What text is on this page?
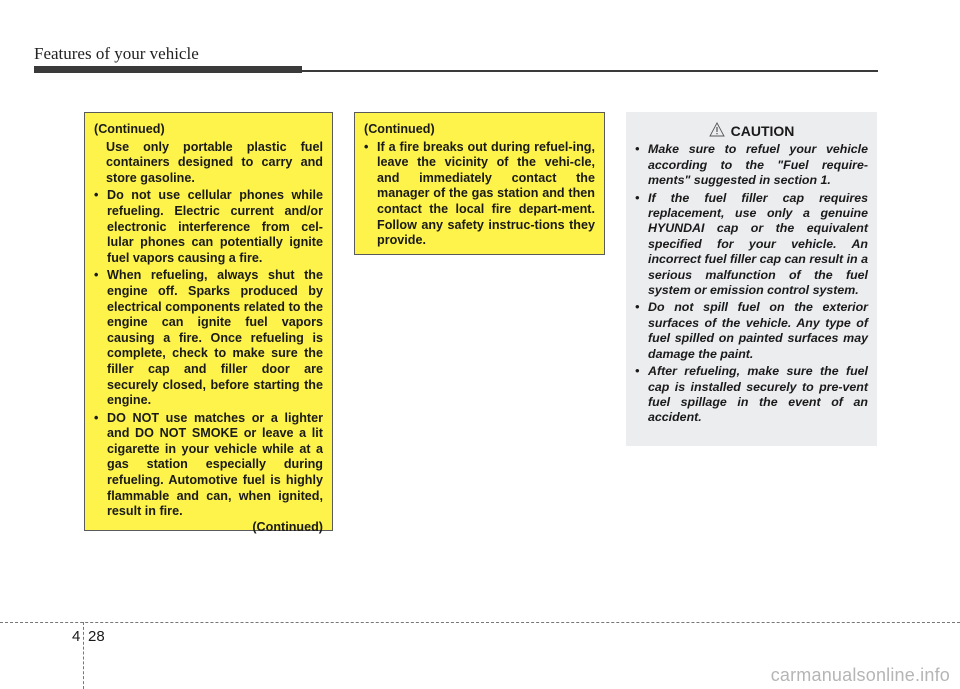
Features of your vehicle
(Continued)
Use only portable plastic fuel containers designed to carry and store gasoline.
• Do not use cellular phones while refueling. Electric current and/or electronic interference from cel-lular phones can potentially ignite fuel vapors causing a fire.
• When refueling, always shut the engine off. Sparks produced by electrical components related to the engine can ignite fuel vapors causing a fire. Once refueling is complete, check to make sure the filler cap and filler door are securely closed, before starting the engine.
• DO NOT use matches or a lighter and DO NOT SMOKE or leave a lit cigarette in your vehicle while at a gas station especially during refueling. Automotive fuel is highly flammable and can, when ignited, result in fire.
(Continued)
(Continued)
• If a fire breaks out during refuel-ing, leave the vicinity of the vehi-cle, and immediately contact the manager of the gas station and then contact the local fire depart-ment. Follow any safety instruc-tions they provide.
CAUTION
• Make sure to refuel your vehicle according to the "Fuel require-ments" suggested in section 1.
• If the fuel filler cap requires replacement, use only a genuine HYUNDAI cap or the equivalent specified for your vehicle. An incorrect fuel filler cap can result in a serious malfunction of the fuel system or emission control system.
• Do not spill fuel on the exterior surfaces of the vehicle. Any type of fuel spilled on painted surfaces may damage the paint.
• After refueling, make sure the fuel cap is installed securely to pre-vent fuel spillage in the event of an accident.
4 28
carmanualsonline.info
